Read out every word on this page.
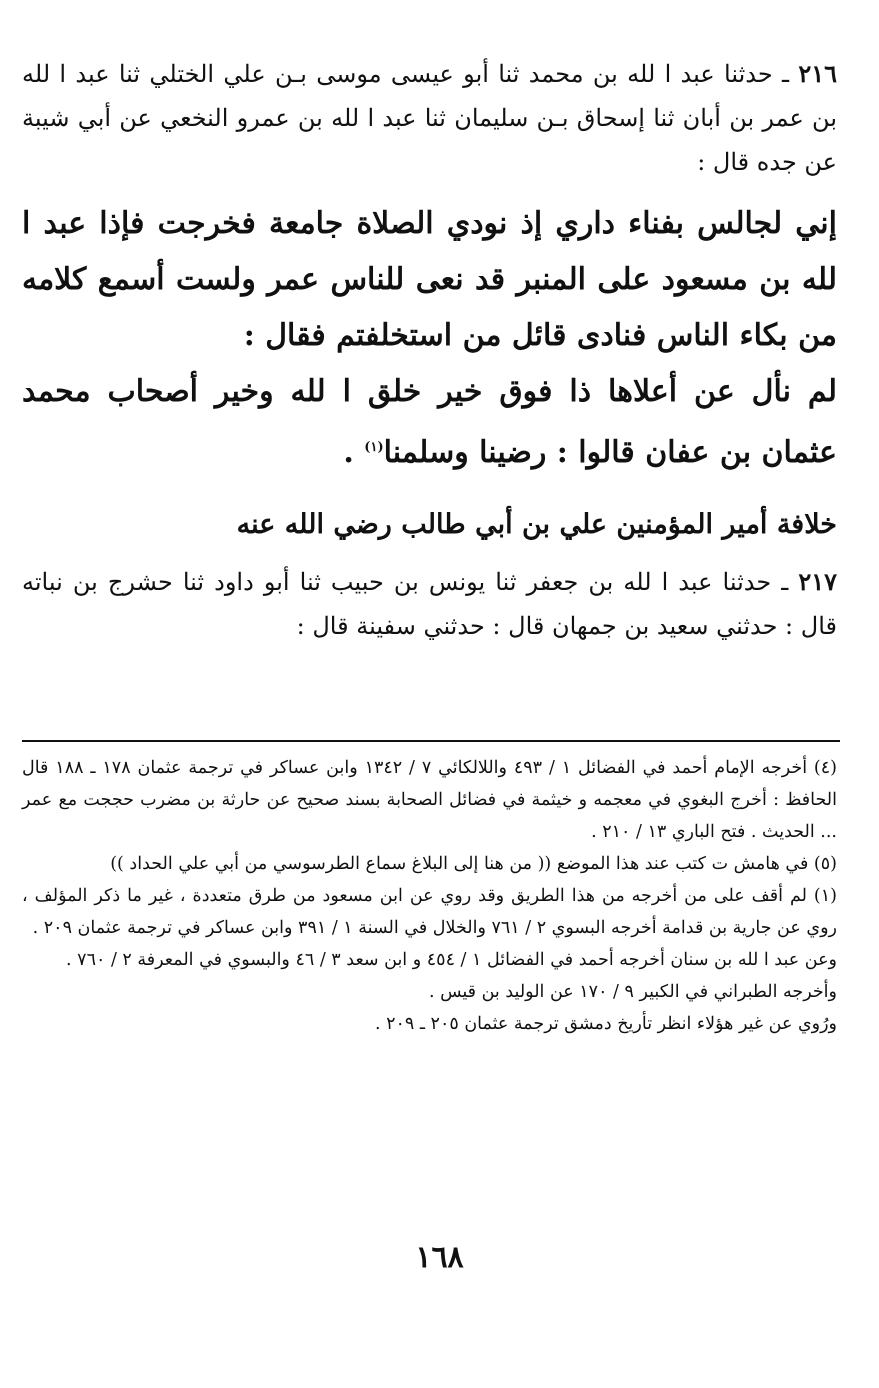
٢١٦ ـ حدثنا عبد ا لله بن محمد ثنا أبو عيسى موسى بـن علي الختلي ثنا عبد ا لله بن عمر بن أبان ثنا إسحاق بـن سليمان ثنا عبد ا لله بن عمرو النخعي عن أبي شيبة عن جده قال :
إني لجالس بفناء داري إذ نودي الصلاة جامعة فخرجت فإذا عبد ا لله بن مسعود على المنبر قد نعى للناس عمر ولست أسمع كلامه من بكاء الناس فنادى قائل من استخلفتم فقال :
لم نأل عن أعلاها ذا فوق خير خلق ا لله وخير أصحاب محمد عثمان بن عفان قالوا : رضينا وسلمنا$^{(١)}$ .
خلافة أمير المؤمنين علي بن أبي طالب رضي الله عنه
٢١٧ ـ حدثنا عبد ا لله بن جعفر ثنا يونس بن حبيب ثنا أبو داود ثنا حشرج بن نباته قال : حدثني سعيد بن جمهان قال : حدثني سفينة قال :

(٤) أخرجه الإمام أحمد في الفضائل ١ / ٤٩٣ واللالكائي ٧ / ١٣٤٢ وابن عساكر في ترجمة عثمان ١٧٨ ـ ١٨٨ قال الحافظ : أخرج البغوي في معجمه و خيثمة في فضائل الصحابة بسند صحيح عن حارثة بن مضرب حججت مع عمر ... الحديث . فتح الباري ١٣ / ٢١٠ .

(٥) في هامش ت كتب عند هذا الموضع (( من هنا إلى البلاغ سماع الطرسوسي من أبي علي الحداد ))

(١) لم أقف على من أخرجه من هذا الطريق وقد روي عن ابن مسعود من طرق متعددة ، غير ما ذكر المؤلف ، روي عن جارية بن قدامة أخرجه البسوي ٢ / ٧٦١ والخلال في السنة ١ / ٣٩١ وابن عساكر في ترجمة عثمان ٢٠٩ .

وعن عبد ا لله بن سنان أخرجه أحمد في الفضائل ١ / ٤٥٤ و ابن سعد ٣ / ٤٦ والبسوي في المعرفة ٢ / ٧٦٠ .

وأخرجه الطبراني في الكبير ٩ / ١٧٠ عن الوليد بن قيس .

ورُوي عن غير هؤلاء انظر تأريخ دمشق ترجمة عثمان ٢٠٥ ـ ٢٠٩ .

١٦٨
